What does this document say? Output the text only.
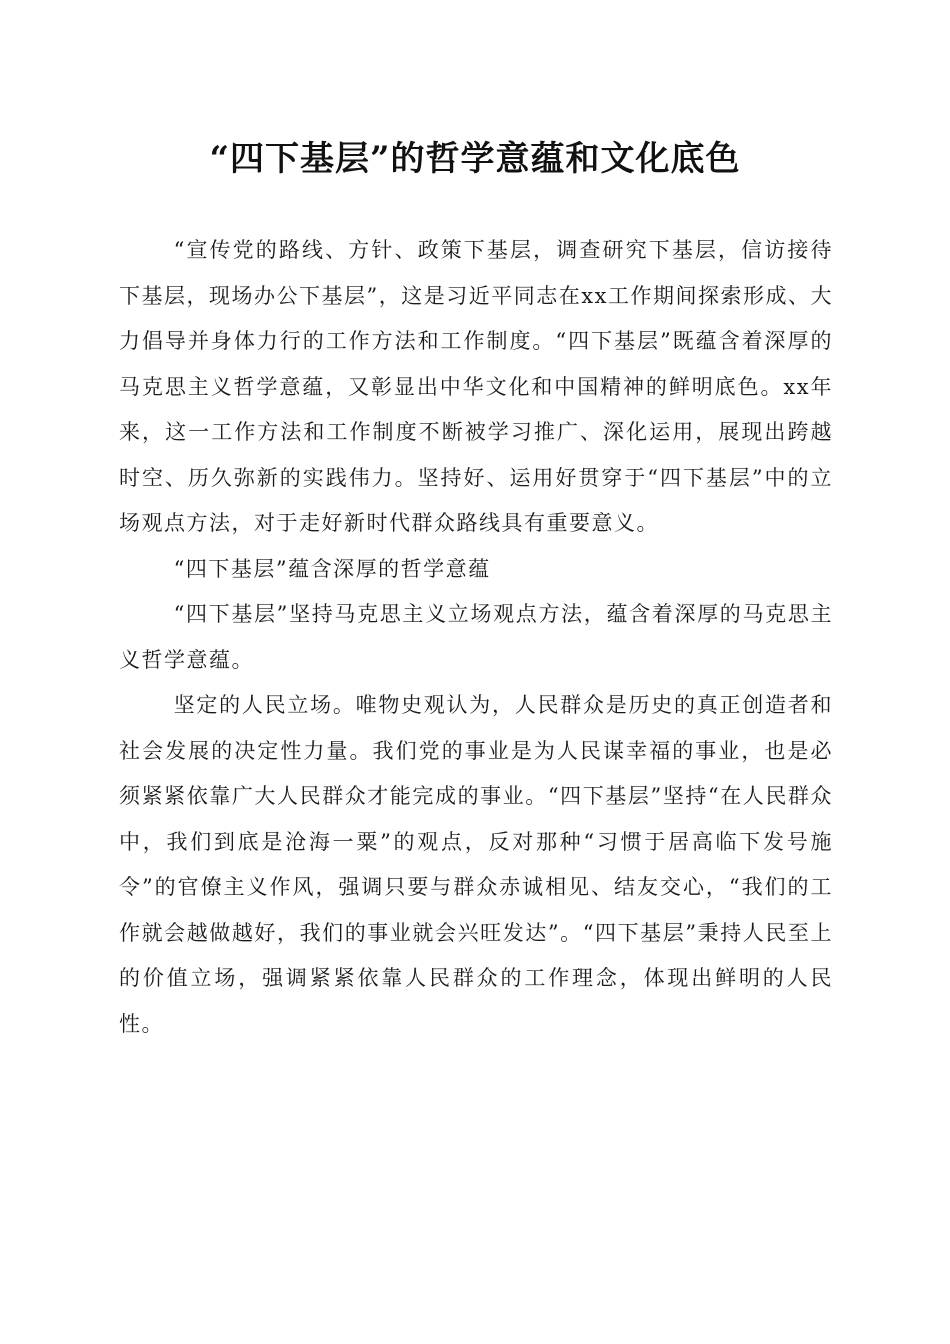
“四下基层”的哲学意蕴和文化底色

“宣传党的路线、方针、政策下基层，调查研究下基层，信访接待下基层，现场办公下基层”，这是习近平同志在xx工作期间探索形成、大力倡导并身体力行的工作方法和工作制度。“四下基层”既蕴含着深厚的马克思主义哲学意蕴，又彰显出中华文化和中国精神的鲜明底色。xx年来，这一工作方法和工作制度不断被学习推广、深化运用，展现出跨越时空、历久弥新的实践伟力。坚持好、运用好贯穿于“四下基层”中的立场观点方法，对于走好新时代群众路线具有重要意义。

“四下基层”蕴含深厚的哲学意蕴

“四下基层”坚持马克思主义立场观点方法，蕴含着深厚的马克思主义哲学意蕴。

坚定的人民立场。唯物史观认为，人民群众是历史的真正创造者和社会发展的决定性力量。我们党的事业是为人民谋幸福的事业，也是必须紧紧依靠广大人民群众才能完成的事业。“四下基层”坚持“在人民群众中，我们到底是沧海一粟”的观点，反对那种“习惯于居高临下发号施令”的官僚主义作风，强调只要与群众赤诚相见、结友交心，“我们的工作就会越做越好，我们的事业就会兴旺发达”。“四下基层”秉持人民至上的价值立场，强调紧紧依靠人民群众的工作理念，体现出鲜明的人民性。
